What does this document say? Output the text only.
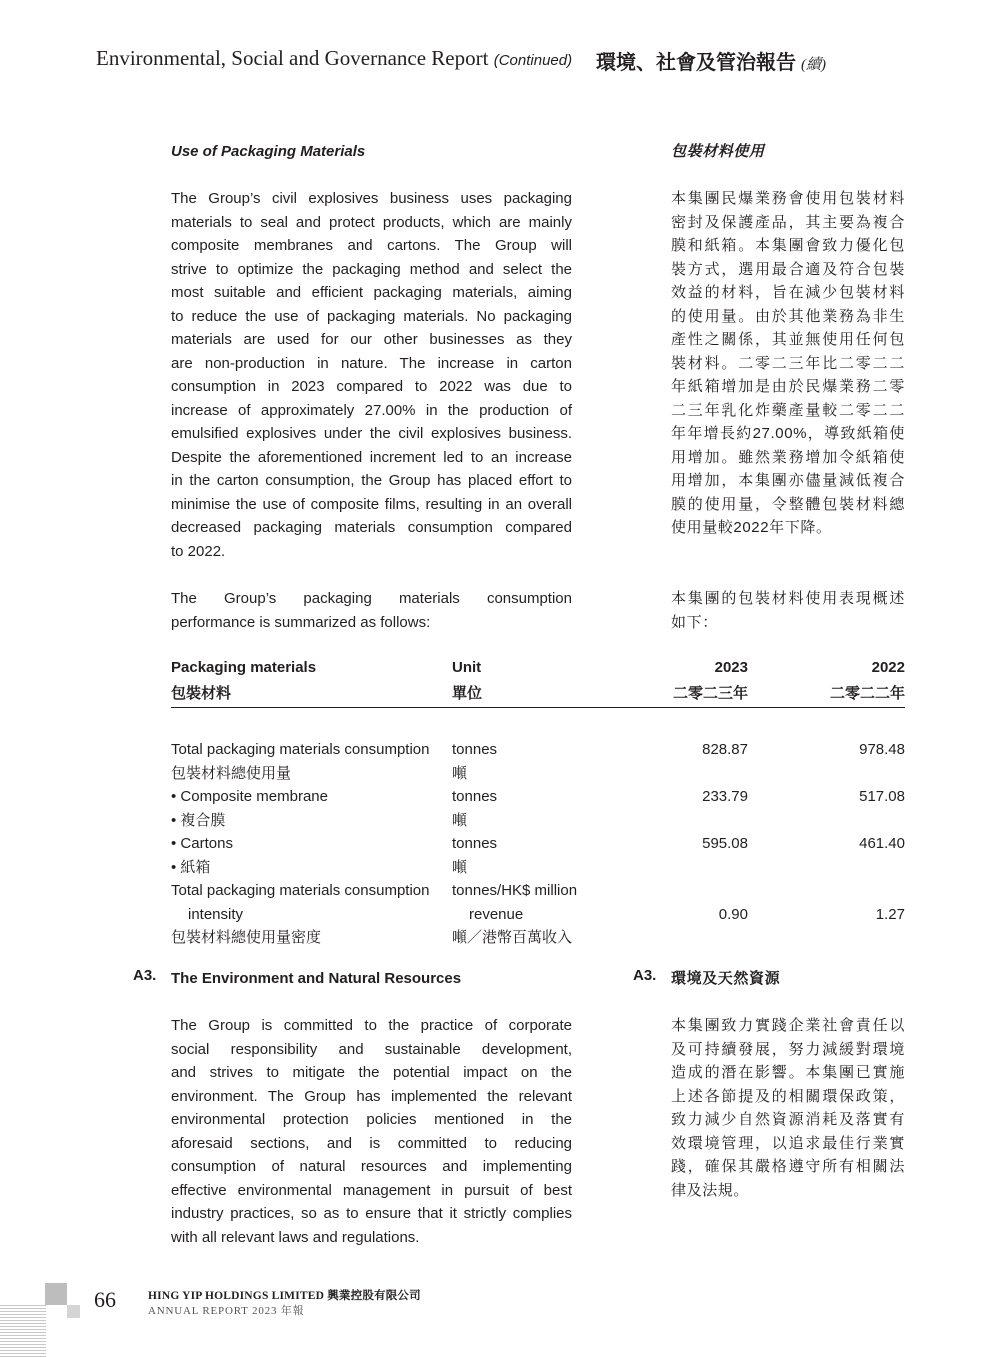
Environmental, Social and Governance Report (Continued) 環境、社會及管治報告 (續)
Use of Packaging Materials	包裝材料使用
The Group’s civil explosives business uses packaging
materials to seal and protect products, which are mainly
composite membranes and cartons. The Group will
strive to optimize the packaging method and select the
most suitable and efficient packaging materials, aiming
to reduce the use of packaging materials. No packaging
materials are used for our other businesses as they
are non-production in nature. The increase in carton
consumption in 2023 compared to 2022 was due to
increase of approximately 27.00% in the production of
emulsified explosives under the civil explosives business.
Despite the aforementioned increment led to an increase
in the carton consumption, the Group has placed effort to
minimise the use of composite films, resulting in an overall
decreased packaging materials consumption compared
to 2022.
本集團民爆業務會使用包裝材料
密封及保護產品，其主要為複合
膜和紙箱。本集團會致力優化包
裝方式，選用最合適及符合包裝
效益的材料，旨在減少包裝材料
的使用量。由於其他業務為非生
產性之關係，其並無使用任何包
裝材料。二零二三年比二零二二
年紙箱增加是由於民爆業務二零
二三年乳化炸藥產量較二零二二
年年增長約27.00%，導致紙箱使
用增加。雖然業務增加令紙箱使
用增加，本集團亦儘量減低複合
膜的使用量，令整體包裝材料總
使用量較2022年下降。
The Group’s packaging materials consumption
performance is summarized as follows:
本集團的包裝材料使用表現概述
如下：
Packaging materials	Unit	2023	2022
包裝材料	單位	二零二三年	二零二二年

Total packaging materials consumption	tonnes	828.87	978.48
包裝材料總使用量	噸		
• Composite membrane	tonnes	233.79	517.08
• 複合膜	噸		
• Cartons	tonnes	595.08	461.40
• 紙箱	噸		
Total packaging materials consumption	tonnes/HK$ million		
intensity	revenue	0.90	1.27
包裝材料總使用量密度	噸／港幣百萬收入		
A3. The Environment and Natural Resources	A3. 環境及天然資源
The Group is committed to the practice of corporate
social responsibility and sustainable development,
and strives to mitigate the potential impact on the
environment. The Group has implemented the relevant
environmental protection policies mentioned in the
aforesaid sections, and is committed to reducing
consumption of natural resources and implementing
effective environmental management in pursuit of best
industry practices, so as to ensure that it strictly complies
with all relevant laws and regulations.
本集團致力實踐企業社會責任以
及可持續發展，努力減緩對環境
造成的潛在影響。本集團已實施
上述各節提及的相關環保政策，
致力減少自然資源消耗及落實有
效環境管理，以追求最佳行業實
踐，確保其嚴格遵守所有相關法
律及法規。
66	HING YIP HOLDINGS LIMITED 興業控股有限公司
ANNUAL REPORT 2023 年報
